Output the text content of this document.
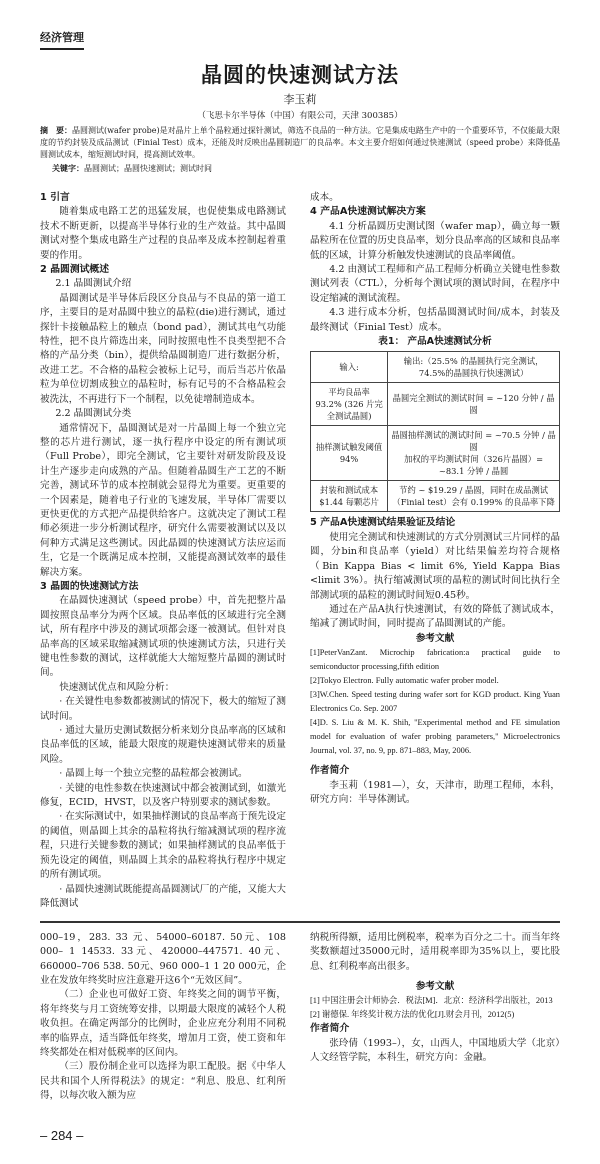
经济管理
晶圆的快速测试方法
李玉莉
（飞思卡尔半导体（中国）有限公司，天津 300385）
摘　要：晶圆测试(wafer probe)是对晶片上单个晶粒通过探针测试，筛选不良品的一种方法。它是集成电路生产中的一个重要环节，不仅能最大限度的节约封装及成品测试（Finial Test）成本，还能及时反映出晶圆制造厂的良品率。本文主要介绍如何通过快速测试（speed probe）来降低晶圆测试成本，缩短测试时间，提高测试效率。
关键字：晶圆测试；晶圆快速测试；测试时间

1 引言

随着集成电路工艺的迅猛发展，也促使集成电路测试技术不断更新，以提高半导体行业的生产效益。其中晶圆测试对整个集成电路生产过程的良品率及成本控制起着重要的作用。

2 晶圆测试概述

2.1 晶圆测试介绍

晶圆测试是半导体后段区分良品与不良品的第一道工序，主要目的是对晶圆中独立的晶粒(die)进行测试，通过探针卡接触晶粒上的触点（bond pad），测试其电气功能特性，把不良片筛选出来，同时按照电性不良类型把不合格的产品分类（bin），提供给晶圆制造厂进行数据分析，改进工艺。不合格的晶粒会被标上记号，而后当芯片依晶粒为单位切割成独立的晶粒时，标有记号的不合格晶粒会被洗汰，不再进行下一个制程，以免徒增制造成本。

2.2 晶圆测试分类

通常情况下，晶圆测试是对一片晶圆上每一个独立完整的芯片进行测试，逐一执行程序中设定的所有测试项（Full Probe），即完全测试，它主要针对研发阶段及设计生产逐步走向成熟的产品。但随着晶圆生产工艺的不断完善，测试环节的成本控制就会显得尤为重要。更重要的一个因素是，随着电子行业的飞速发展，半导体厂需要以更快更优的方式把产品提供给客户。这就决定了测试工程师必须进一步分析测试程序，研究什么需要被测试以及以何种方式满足这些测试。因此晶圆的快速测试方法应运而生，它是一个既满足成本控制，又能提高测试效率的最佳解决方案。

3 晶圆的快速测试方法

在晶圆快速测试（speed probe）中，首先把整片晶圆按照良品率分为两个区域。良品率低的区域进行完全测试，所有程序中涉及的测试项都会逐一被测试。但针对良品率高的区域采取缩减测试项的快速测试方法，只进行关键电性参数的测试，这样就能大大缩短整片晶圆的测试时间。

快速测试优点和风险分析：

· 在关键性电参数都被测试的情况下，极大的缩短了测试时间。

· 通过大量历史测试数据分析来划分良品率高的区域和良品率低的区域，能最大限度的规避快速测试带来的质量风险。

· 晶圆上每一个独立完整的晶粒都会被测试。

· 关键的电性参数在快速测试中都会被测试到，如激光修复，ECID，HVST，以及客户特别要求的测试参数。

· 在实际测试中，如果抽样测试的良品率高于预先设定的阈值，则晶圆上其余的晶粒将执行缩减测试项的程序流程，只进行关键参数的测试；如果抽样测试的良品率低于预先设定的阈值，则晶圆上其余的晶粒将执行程序中规定的所有测试项。

· 晶圆快速测试既能提高晶圆测试厂的产能，又能大大降低测试

成本。

4 产品A快速测试解决方案

4.1 分析晶圆历史测试图（wafer map），确立每一颗晶粒所在位置的历史良品率，划分良品率高的区域和良品率低的区域，计算分析触发快速测试的良品率阈值。

4.2 由测试工程师和产品工程师分析确立关键电性参数测试列表（CTL），分析每个测试项的测试时间，在程序中设定缩减的测试流程。

4.3 进行成本分析，包括晶圆测试时间/成本，封装及最终测试（Finial Test）成本。

表1： 产品A快速测试分析

输入:	输出:（25.5% 的晶圆执行完全测试，74.5%的晶圆执行快速测试）
平均良品率 93.2% (326 片完全测试晶圆)	晶圆完全测试的测试时间 = ~120 分钟 / 晶圆
抽样测试触发阈值 94%	晶圆抽样测试的测试时间 = ~70.5 分钟 / 晶圆
加权的平均测试时间（326片晶圆）= ~83.1 分钟 / 晶圆
封装和测试成本 $1.44 每颗芯片	节约 ~ $19.29 / 晶圆，同时在成品测试（Finial test）会有 0.199% 的良品率下降

5 产品A快速测试结果验证及结论

使用完全测试和快速测试的方式分别测试三片同样的晶圆，分bin和良品率（yield）对比结果偏差均符合规格（Bin Kappa Bias < limit 6%, Yield Kappa Bias <limit 3%）。执行缩减测试项的晶粒的测试时间比执行全部测试项的晶粒的测试时间短0.45秒。

通过在产品A执行快速测试，有效的降低了测试成本，缩减了测试时间，同时提高了晶圆测试的产能。

参考文献

[1]PeterVanZant. Microchip fabrication:a practical guide to semiconductor processing,fifth edition

[2]Tokyo Electron. Fully automatic wafer prober model.

[3]W.Chen. Speed testing during wafer sort for KGD product. King Yuan Electronics Co. Sep. 2007

[4]D. S. Liu & M. K. Shih, "Experimental method and FE simulation model for evaluation of wafer probing parameters," Microelectronics Journal, vol. 37, no. 9, pp. 871–883, May, 2006.

作者简介

李玉莉（1981—），女，天津市，助理工程师，本科，研究方向：半导体测试。

000–19，283. 33 元、54000–60187. 50元、108 000– 1 14533. 33元、420000–447571. 40元、660000–706 538. 50元、960 000–1 1 20 000元，企业在发放年终奖时应注意避开这6个“无效区间”。

（二）企业也可做好工资、年终奖之间的调节平衡，将年终奖与月工资统筹安排，以期最大限度的减轻个人税收负担。在确定两部分的比例时，企业应充分利用不同税率的临界点，适当降低年终奖，增加月工资，使工资和年终奖都处在相对低税率的区间内。

（三）股份制企业可以选择为职工配股。据《中华人民共和国个人所得税法》的规定：“利息、股息、红利所得，以每次收入额为应

纳税所得额，适用比例税率，税率为百分之二十。而当年终奖数额超过35000元时，适用税率即为35%以上，要比股息、红利税率高出很多。

参考文献

[1] 中国注册会计师协会．税法[M]．北京：经济科学出版社，2013

[2] 谢德保. 年终奖计税方法的优化[J].财会月刊，2012(5)

作者简介

张玲倩（1993–），女，山西人，中国地质大学（北京）人文经管学院，本科生，研究方向：金融。

– 284 –
